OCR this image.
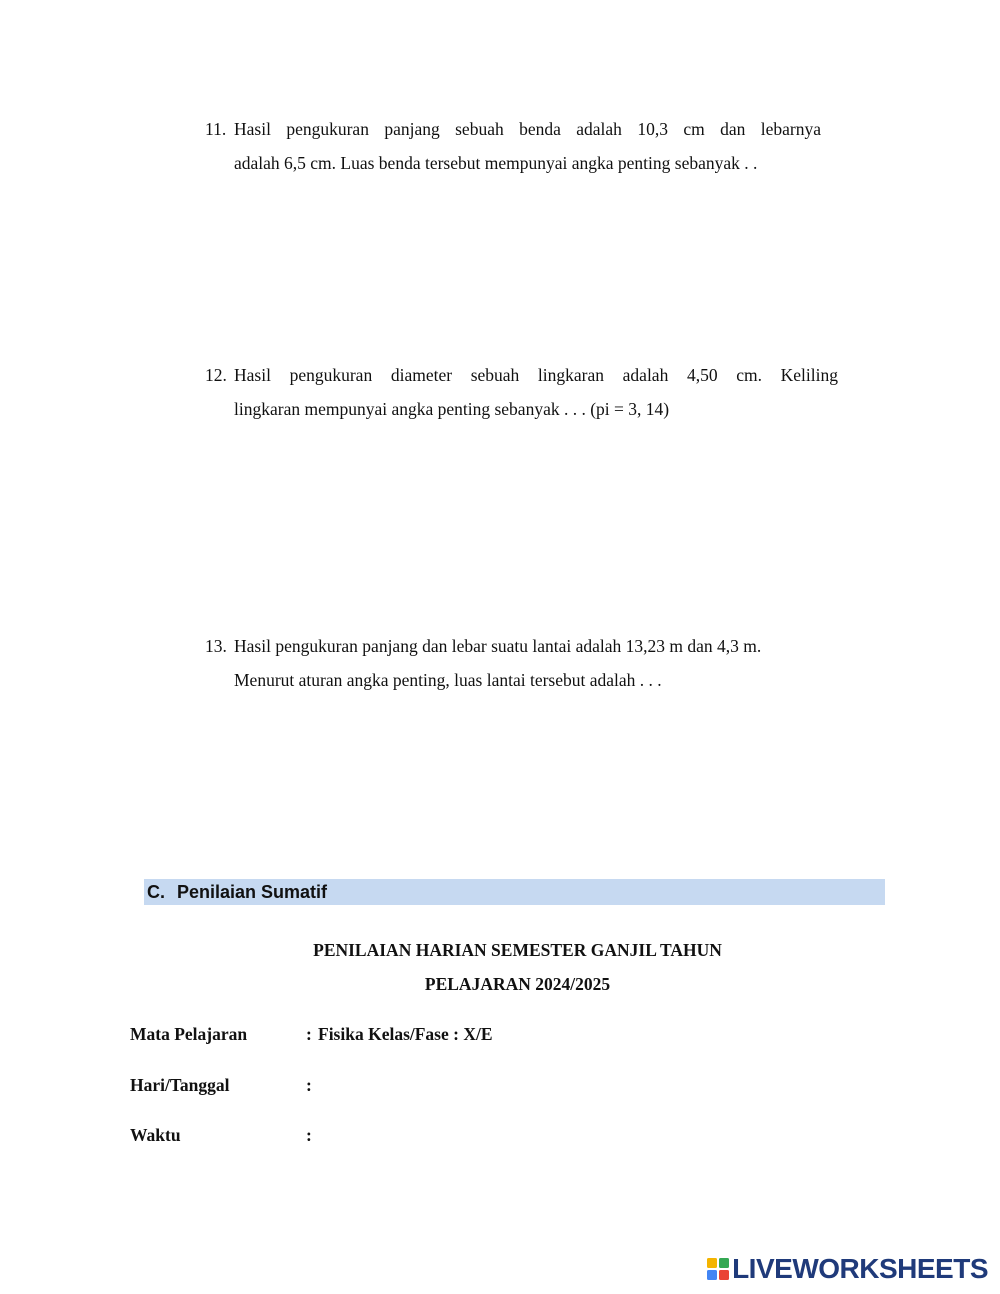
11. Hasil pengukuran panjang sebuah benda adalah 10,3 cm dan lebarnya
adalah 6,5 cm. Luas benda tersebut mempunyai angka penting sebanyak . .
12. Hasil pengukuran diameter sebuah lingkaran adalah 4,50 cm. Keliling
lingkaran mempunyai angka penting sebanyak . . . (pi = 3, 14)
13. Hasil pengukuran panjang dan lebar suatu lantai adalah 13,23 m dan 4,3 m.
Menurut aturan angka penting, luas lantai tersebut adalah . . .
C. Penilaian Sumatif
PENILAIAN HARIAN SEMESTER GANJIL TAHUN
PELAJARAN 2024/2025
Mata Pelajaran	: Fisika Kelas/Fase : X/E
Hari/Tanggal	:
Waktu	:
LIVEWORKSHEETS
